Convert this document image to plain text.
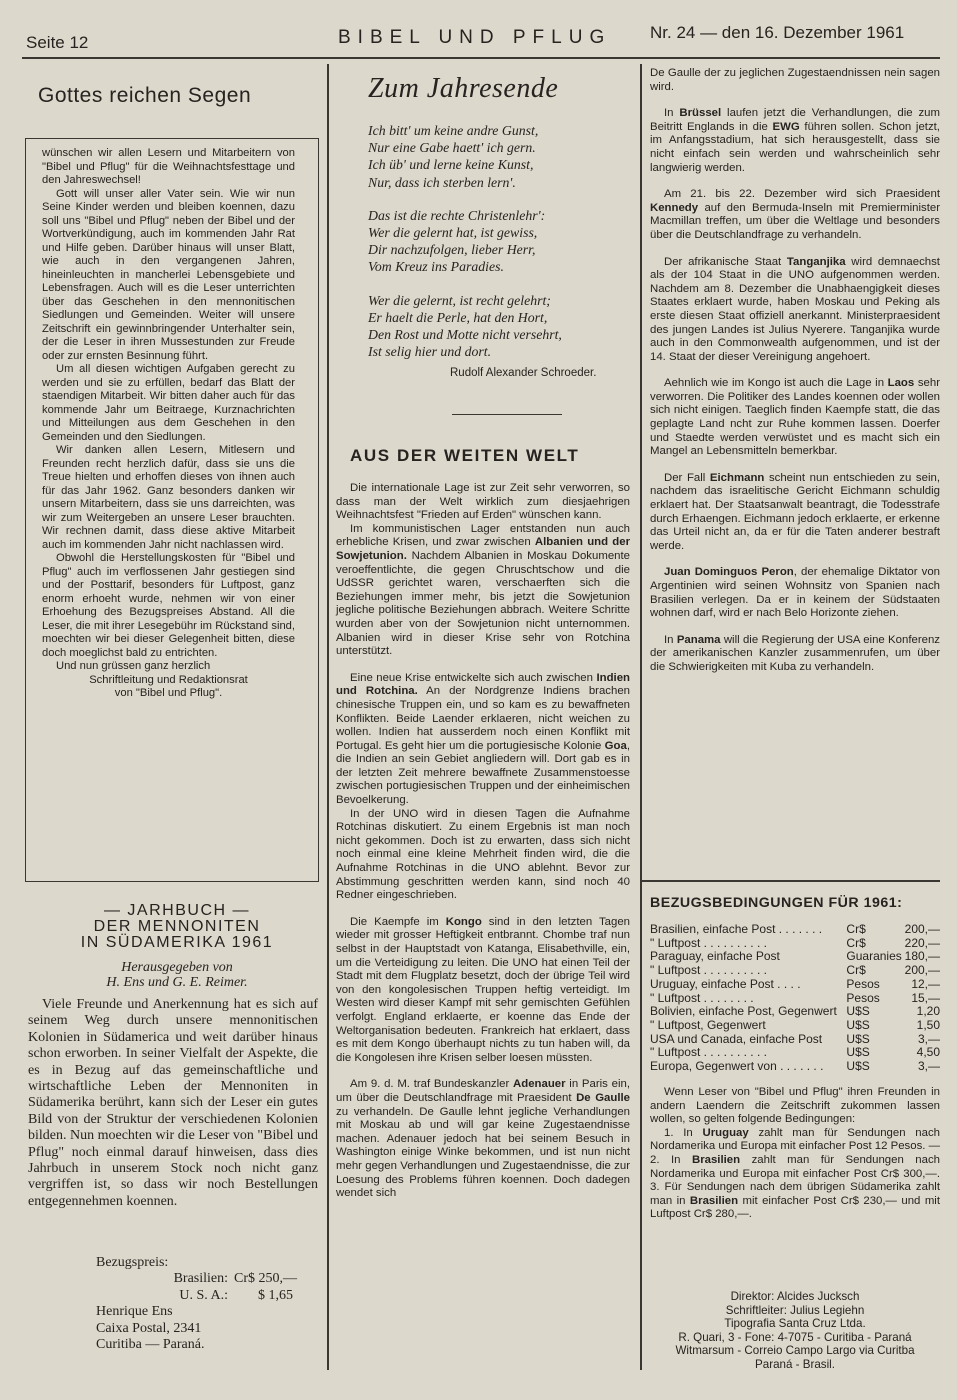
Seite 12	BIBEL UND PFLUG Nr. 24 — den 16. Dezember 1961
Gottes reichen Segen

wünschen wir allen Lesern und Mitarbeitern von "Bibel und Pflug" für die Weihnachtsfesttage und den Jahreswechsel!

Gott will unser aller Vater sein. Wie wir nun Seine Kinder werden und bleiben koennen, dazu soll uns "Bibel und Pflug" neben der Bibel und der Wortverkündigung, auch im kommenden Jahr Rat und Hilfe geben. Darüber hinaus will unser Blatt, wie auch in den vergangenen Jahren, hineinleuchten in mancherlei Lebensgebiete und Lebensfragen. Auch will es die Leser unterrichten über das Geschehen in den mennonitischen Siedlungen und Gemeinden. Weiter will unsere Zeitschrift ein gewinnbringender Unterhalter sein, der die Leser in ihren Mussestunden zur Freude oder zur ernsten Besinnung führt.

Um all diesen wichtigen Aufgaben gerecht zu werden und sie zu erfüllen, bedarf das Blatt der staendigen Mitarbeit. Wir bitten daher auch für das kommende Jahr um Beitraege, Kurznachrichten und Mitteilungen aus dem Geschehen in den Gemeinden und den Siedlungen.

Wir danken allen Lesern, Mitlesern und Freunden recht herzlich dafür, dass sie uns die Treue hielten und erhoffen dieses von ihnen auch für das Jahr 1962. Ganz besonders danken wir unsern Mitarbeitern, dass sie uns darreichten, was wir zum Weitergeben an unsere Leser brauchten. Wir rechnen damit, dass diese aktive Mitarbeit auch im kommenden Jahr nicht nachlassen wird.

Obwohl die Herstellungskosten für "Bibel und Pflug" auch im verflossenen Jahr gestiegen sind und der Posttarif, besonders für Luftpost, ganz enorm erhoeht wurde, nehmen wir von einer Erhoehung des Bezugspreises Abstand. All die Leser, die mit ihrer Lesegebühr im Rückstand sind, moechten wir bei dieser Gelegenheit bitten, diese doch moeglichst bald zu entrichten.

Und nun grüssen ganz herzlich

Schriftleitung und Redaktionsrat

von "Bibel und Pflug".

— JARHBUCH —
DER MENNONITEN
IN SÜDAMERIKA 1961
Herausgegeben von
H. Ens und G. E. Reimer.

Viele Freunde und Anerkennung hat es sich auf seinem Weg durch unsere mennonitischen Kolonien in Südamerica und weit darüber hinaus schon erworben. In seiner Vielfalt der Aspekte, die es in Bezug auf das gemeinschaftliche und wirtschaftliche Leben der Mennoniten in Südamerika berührt, kann sich der Leser ein gutes Bild von der Struktur der verschiedenen Kolonien bilden. Nun moechten wir die Leser von "Bibel und Pflug" noch einmal darauf hinweisen, dass dies Jahrbuch in unserem Stock noch nicht ganz vergriffen ist, so dass wir noch Bestellungen entgegennehmen koennen.

Bezugspreis:
Brasilien: Cr$ 250,—
U. S. A.:	$ 1,65
Henrique Ens
Caixa Postal, 2341
Curitiba — Paraná.
Zum Jahresende
Ich bitt' um keine andre Gunst,
Nur eine Gabe haett' ich gern.
Ich üb' und lerne keine Kunst,
Nur, dass ich sterben lern'.
Das ist die rechte Christenlehr':
Wer die gelernt hat, ist gewiss,
Dir nachzufolgen, lieber Herr,
Vom Kreuz ins Paradies.
Wer die gelernt, ist recht gelehrt;
Er haelt die Perle, hat den Hort,
Den Rost und Motte nicht versehrt,
Ist selig hier und dort.
Rudolf Alexander Schroeder.
AUS DER WEITEN WELT

Die internationale Lage ist zur Zeit sehr verworren, so dass man der Welt wirklich zum diesjaehrigen Weihnachtsfest "Frieden auf Erden" wünschen kann.

Im kommunistischen Lager entstanden nun auch erhebliche Krisen, und zwar zwischen Albanien und der Sowjetunion. Nachdem Albanien in Moskau Dokumente veroeffentlichte, die gegen Chruschtschow und die UdSSR gerichtet waren, verschaerften sich die Beziehungen immer mehr, bis jetzt die Sowjetunion jegliche politische Beziehungen abbrach. Weitere Schritte wurden aber von der Sowjetunion nicht unternommen. Albanien wird in dieser Krise sehr von Rotchina unterstützt.

Eine neue Krise entwickelte sich auch zwischen Indien und Rotchina. An der Nordgrenze Indiens brachen chinesische Truppen ein, und so kam es zu bewaffneten Konflikten. Beide Laender erklaeren, nicht weichen zu wollen. Indien hat ausserdem noch einen Konflikt mit Portugal. Es geht hier um die portugiesische Kolonie Goa, die Indien an sein Gebiet angliedern will. Dort gab es in der letzten Zeit mehrere bewaffnete Zusammenstoesse zwischen portugiesischen Truppen und der einheimischen Bevoelkerung.

In der UNO wird in diesen Tagen die Aufnahme Rotchinas diskutiert. Zu einem Ergebnis ist man noch nicht gekommen. Doch ist zu erwarten, dass sich nicht noch einmal eine kleine Mehrheit finden wird, die die Aufnahme Rotchinas in die UNO ablehnt. Bevor zur Abstimmung geschritten werden kann, sind noch 40 Redner eingeschrieben.

Die Kaempfe im Kongo sind in den letzten Tagen wieder mit grosser Heftigkeit entbrannt. Chombe traf nun selbst in der Hauptstadt von Katanga, Elisabethville, ein, um die Verteidigung zu leiten. Die UNO hat einen Teil der Stadt mit dem Flugplatz besetzt, doch der übrige Teil wird von den kongolesischen Truppen heftig verteidigt. Im Westen wird dieser Kampf mit sehr gemischten Gefühlen verfolgt. England erklaerte, er koenne das Ende der Weltorganisation bedeuten. Frankreich hat erklaert, dass es mit dem Kongo überhaupt nichts zu tun haben will, da die Kongolesen ihre Krisen selber loesen müssten.

Am 9. d. M. traf Bundeskanzler Adenauer in Paris ein, um über die Deutschlandfrage mit Praesident De Gaulle zu verhandeln. De Gaulle lehnt jegliche Verhandlungen mit Moskau ab und will gar keine Zugestaendnisse machen. Adenauer jedoch hat bei seinem Besuch in Washington einige Winke bekommen, und ist nun nicht mehr gegen Verhandlungen und Zugestaendnisse, die zur Loesung des Problems führen koennen. Doch dadegen wendet sich

De Gaulle der zu jeglichen Zugestaendnissen nein sagen wird.

In Brüssel laufen jetzt die Verhandlungen, die zum Beitritt Englands in die EWG führen sollen. Schon jetzt, im Anfangsstadium, hat sich herausgestellt, dass sie nicht einfach sein werden und wahrscheinlich sehr langwierig werden.

Am 21. bis 22. Dezember wird sich Praesident Kennedy auf den Bermuda-Inseln mit Premierminister Macmillan treffen, um über die Weltlage und besonders über die Deutschlandfrage zu verhandeln.

Der afrikanische Staat Tanganjika wird demnaechst als der 104 Staat in die UNO aufgenommen werden. Nachdem am 8. Dezember die Unabhaengigkeit dieses Staates erklaert wurde, haben Moskau und Peking als erste diesen Staat offiziell anerkannt. Ministerpraesident des jungen Landes ist Julius Nyerere. Tanganjika wurde auch in den Commonwealth aufgenommen, und ist der 14. Staat der dieser Vereinigung angehoert.

Aehnlich wie im Kongo ist auch die Lage in Laos sehr verworren. Die Politiker des Landes koennen oder wollen sich nicht einigen. Taeglich finden Kaempfe statt, die das geplagte Land ncht zur Ruhe kommen lassen. Doerfer und Staedte werden verwüstet und es macht sich ein Mangel an Lebensmitteln bemerkbar.

Der Fall Eichmann scheint nun entschieden zu sein, nachdem das israelitische Gericht Eichmann schuldig erklaert hat. Der Staatsanwalt beantragt, die Todesstrafe durch Erhaengen. Eichmann jedoch erklaerte, er erkenne das Urteil nicht an, da er für die Taten anderer bestraft werde.

Juan Dominguos Peron, der ehemalige Diktator von Argentinien wird seinen Wohnsitz von Spanien nach Brasilien verlegen. Da er in keinem der Südstaaten wohnen darf, wird er nach Belo Horizonte ziehen.

In Panama will die Regierung der USA eine Konferenz der amerikanischen Kanzler zusammenrufen, um über die Schwierigkeiten mit Kuba zu verhandeln.

BEZUGSBEDINGUNGEN FÜR 1961:
Brasilien, einfache Post . . . . . . .	Cr$	200,—
" Luftpost . . . . . . . . . .	Cr$	220,—
Paraguay, einfache Post	Guaranies	180,—
" Luftpost . . . . . . . . . .	Cr$	200,—
Uruguay, einfache Post . . . .	Pesos	12,—
" Luftpost . . . . . . . .	Pesos	15,—
Bolivien, einfache Post, Gegenwert	U$S	1,20
" Luftpost, Gegenwert	U$S	1,50
USA und Canada, einfache Post	U$S	3,—
" Luftpost . . . . . . . . . .	U$S	4,50
Europa, Gegenwert von . . . . . . .	U$S	3,—

Wenn Leser von "Bibel und Pflug" ihren Freunden in andern Laendern die Zeitschrift zukommen lassen wollen, so gelten folgende Bedingungen:

1. In Uruguay zahlt man für Sendungen nach Nordamerika und Europa mit einfacher Post 12 Pesos. — 2. In Brasilien zahlt man für Sendungen nach Nordamerika und Europa mit einfacher Post Cr$ 300,—. 3. Für Sendungen nach dem übrigen Südamerika zahlt man in Brasilien mit einfacher Post Cr$ 230,— und mit Luftpost Cr$ 280,—.

Direktor: Alcides Jucksch
Schriftleiter: Julius Legiehn
Tipografia Santa Cruz Ltda.
R. Quari, 3 - Fone: 4-7075 - Curitiba - Paraná
Witmarsum - Correio Campo Largo via Curitba
Paraná - Brasil.
